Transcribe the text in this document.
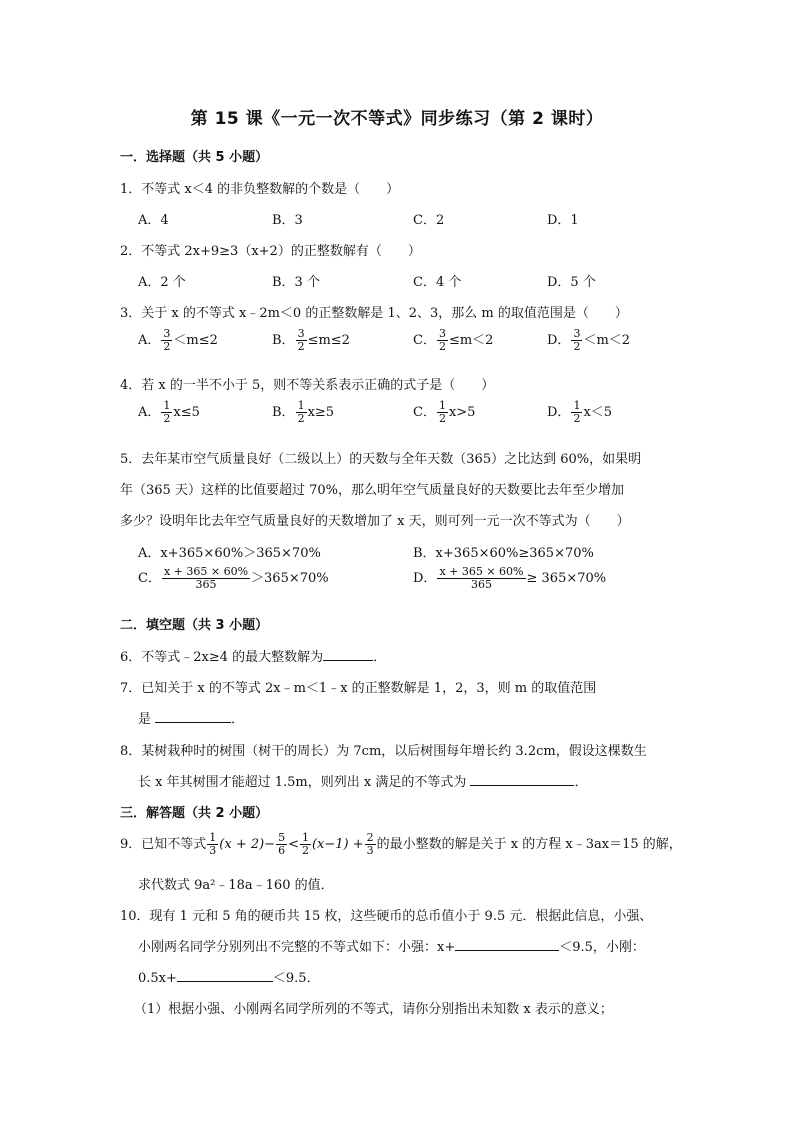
第 15 课《一元一次不等式》同步练习（第 2 课时）
一．选择题（共 5 小题）
1．不等式 x＜4 的非负整数解的个数是（　　）
A．4	B．3	C．2	D．1
2．不等式 2x+9≥3（x+2）的正整数解有（　　）
A．2 个	B．3 个	C．4 个	D．5 个
3．关于 x 的不等式 x﹣2m＜0 的正整数解是 1、2、3，那么 m 的取值范围是（　　）
A． $\frac{3}{2} <m\le 2$	B． $\frac{3}{2} \le m\le 2$	C． $\frac{3}{2} \le m<2$	D． $\frac{3}{2} <m<2$
4．若 x 的一半不小于 5，则不等关系表示正确的式子是（　　）
A． $\frac{1}{2} x\le 5$	B． $\frac{1}{2} x\ge 5$	C． $\frac{1}{2} x>5$	D． $\frac{1}{2} x<5$
5．去年某市空气质量良好（二级以上）的天数与全年天数（365）之比达到 60%，如果明
年（365 天）这样的比值要超过 70%，那么明年空气质量良好的天数要比去年至少增加
多少？设明年比去年空气质量良好的天数增加了 x 天，则可列一元一次不等式为（　　）
A．x+365×60%＞365×70%	B．x+365×60%≥365×70%
C． $\frac{x + 365 \times 60\%}{365} >365\times 70\%$	D． $\frac{x + 365 \times 60\%}{365} \ge 365\times 70\%$
二．填空题（共 3 小题）
6．不等式﹣2x≥4 的最大整数解为	．
7．已知关于 x 的不等式 2x﹣m＜1﹣x 的正整数解是 1，2，3，则 m 的取值范围
是	．
8．某树栽种时的树围（树干的周长）为 7cm，以后树围每年增长约 3.2cm，假设这棵数生
长 x 年其树围才能超过 1.5m，则列出 x 满足的不等式为	．
三．解答题（共 2 小题）
9．已知不等式 $\frac{1}{3} (x + 2)- \frac{5}{6} < \frac{1}{2} (x-1) + \frac{2}{3}$ 的最小整数的解是关于 x 的方程 x﹣3ax＝15 的解，
求代数式 9a²﹣18a﹣160 的值．
10．现有 1 元和 5 角的硬币共 15 枚，这些硬币的总币值小于 9.5 元．根据此信息，小强、
小刚两名同学分别列出不完整的不等式如下：小强：x+	＜9.5，小刚：
0.5x+	＜9.5．
（1）根据小强、小刚两名同学所列的不等式，请你分别指出未知数 x 表示的意义；
